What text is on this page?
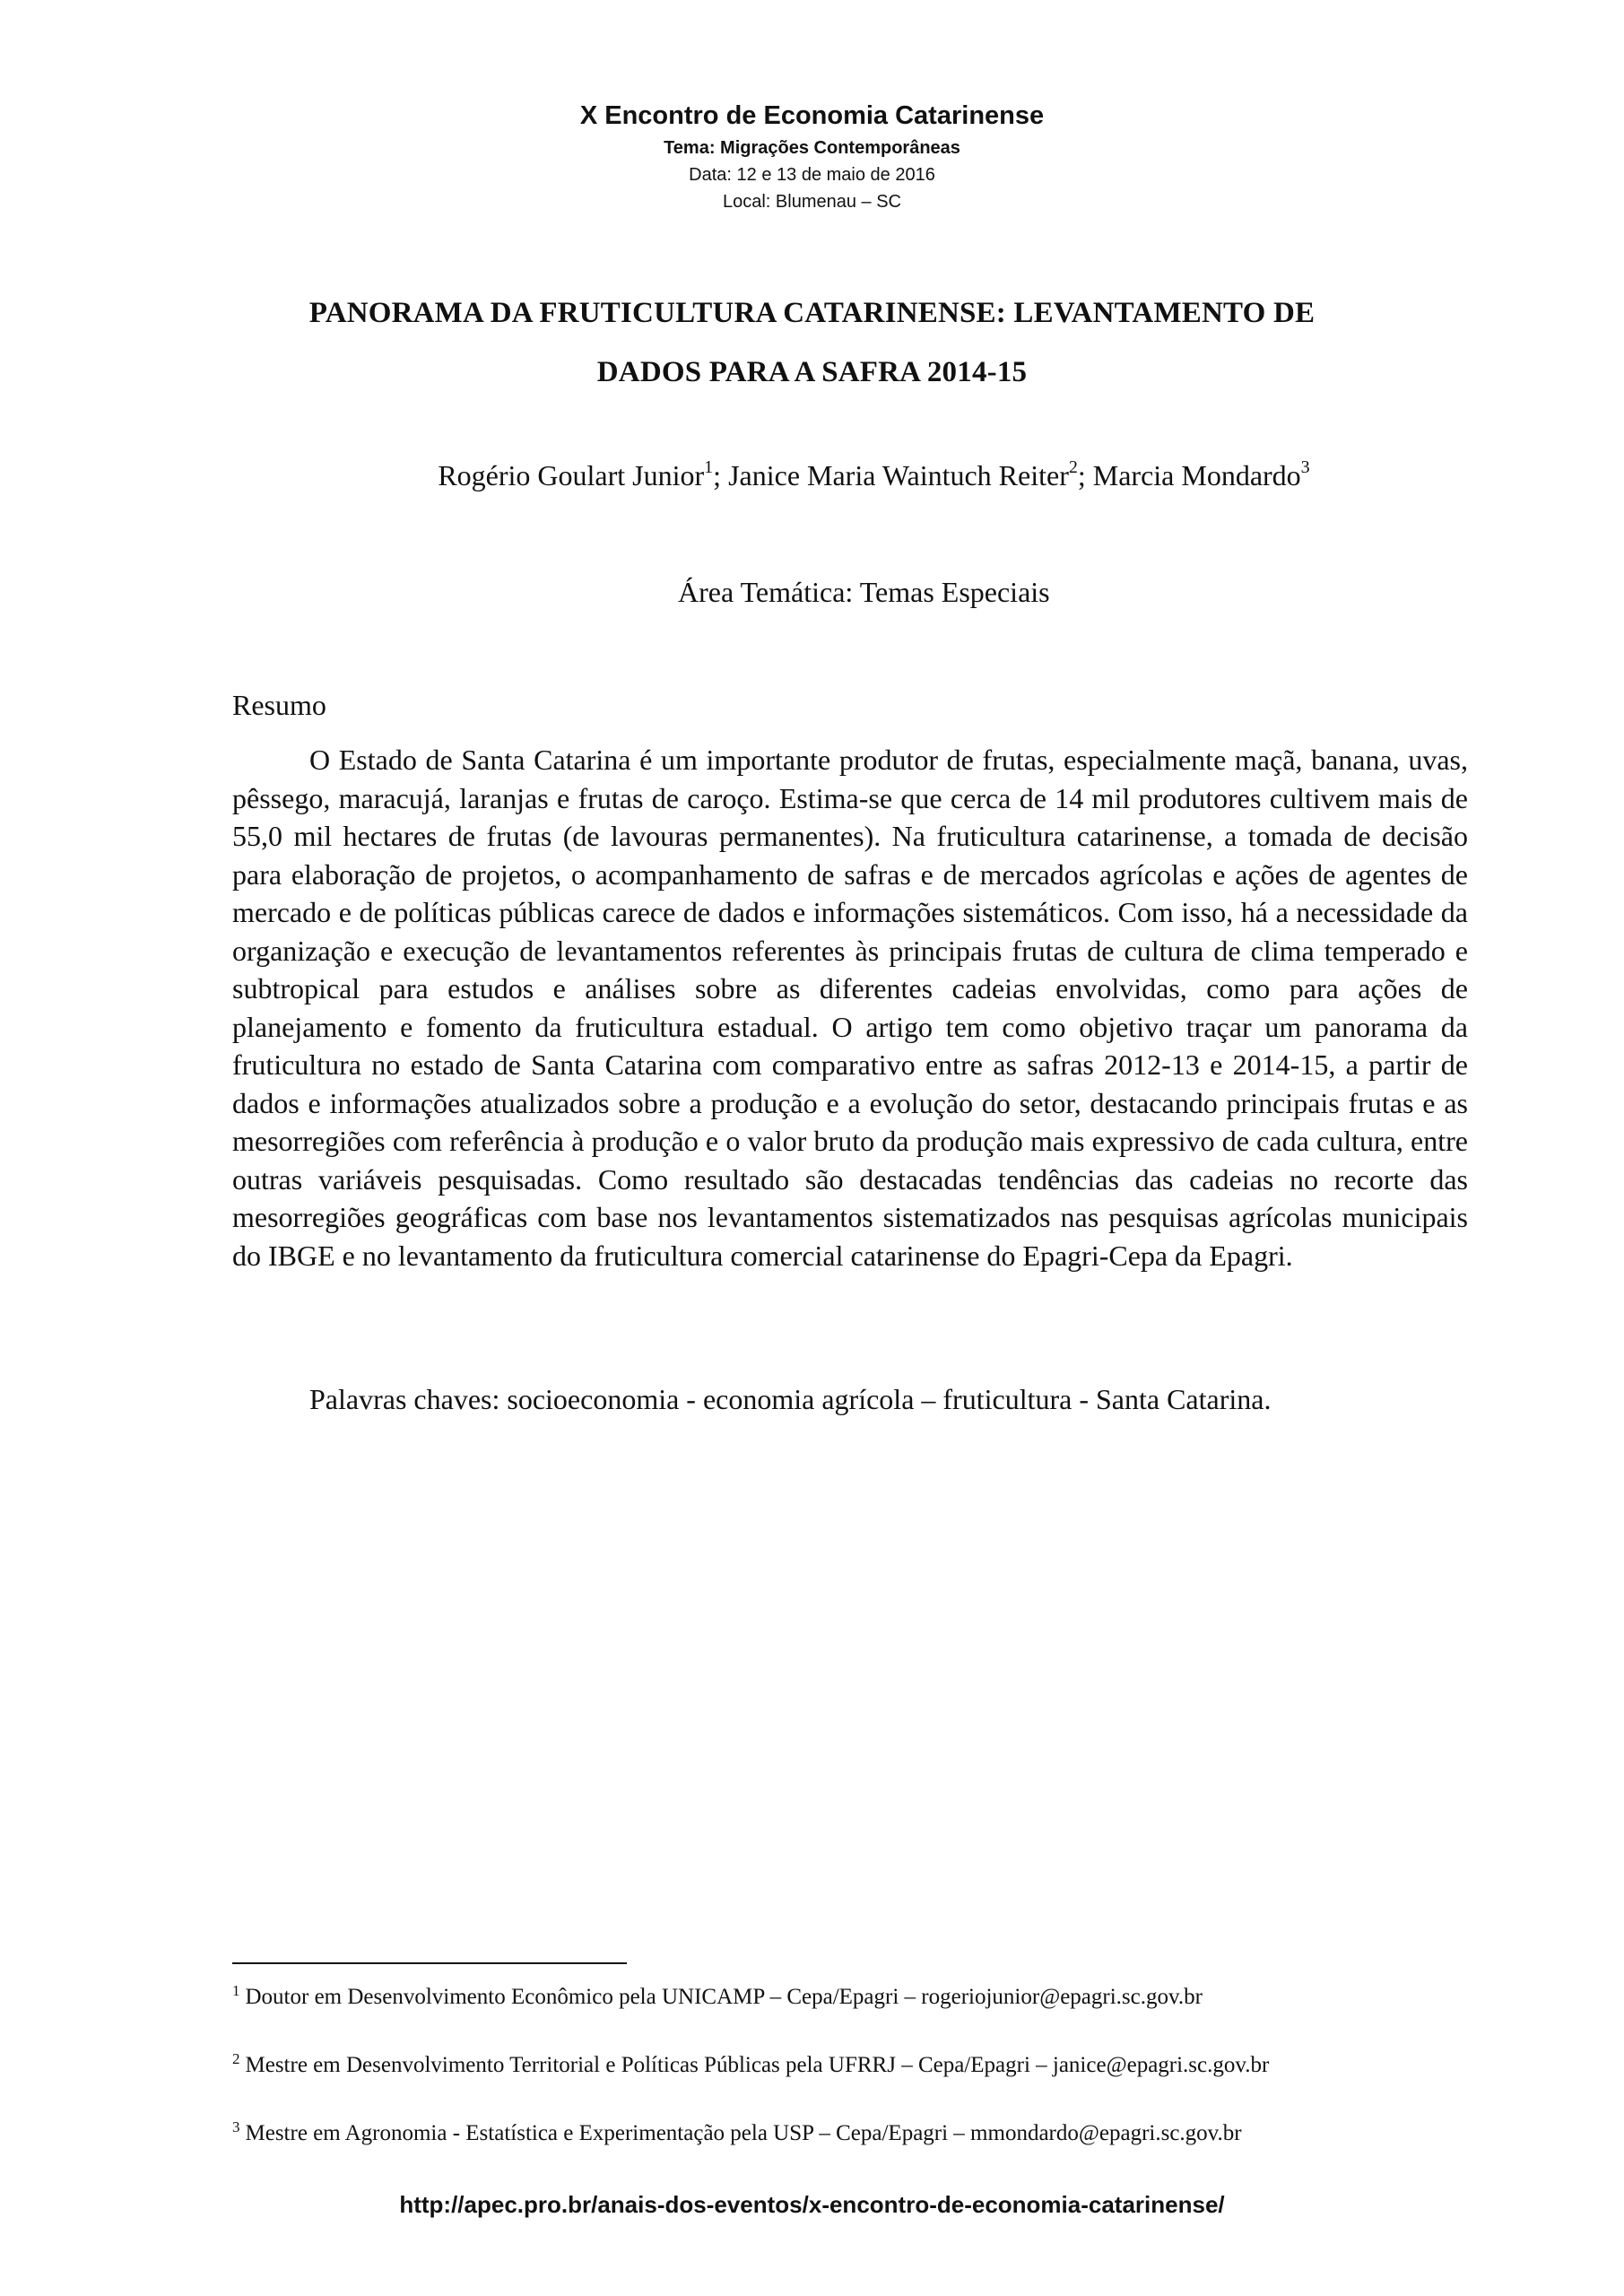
X Encontro de Economia Catarinense
Tema: Migrações Contemporâneas
Data: 12 e 13 de maio de 2016
Local: Blumenau – SC
PANORAMA DA FRUTICULTURA CATARINENSE: LEVANTAMENTO DE
DADOS PARA A SAFRA 2014-15
Rogério Goulart Junior$^1$; Janice Maria Waintuch Reiter$^2$; Marcia Mondardo$^3$
Área Temática: Temas Especiais
Resumo

O Estado de Santa Catarina é um importante produtor de frutas, especialmente maçã, banana, uvas, pêssego, maracujá, laranjas e frutas de caroço. Estima-se que cerca de 14 mil produtores cultivem mais de 55,0 mil hectares de frutas (de lavouras permanentes). Na fruticultura catarinense, a tomada de decisão para elaboração de projetos, o acompanhamento de safras e de mercados agrícolas e ações de agentes de mercado e de políticas públicas carece de dados e informações sistemáticos. Com isso, há a necessidade da organização e execução de levantamentos referentes às principais frutas de cultura de clima temperado e subtropical para estudos e análises sobre as diferentes cadeias envolvidas, como para ações de planejamento e fomento da fruticultura estadual. O artigo tem como objetivo traçar um panorama da fruticultura no estado de Santa Catarina com comparativo entre as safras 2012-13 e 2014-15, a partir de dados e informações atualizados sobre a produção e a evolução do setor, destacando principais frutas e as mesorregiões com referência à produção e o valor bruto da produção mais expressivo de cada cultura, entre outras variáveis pesquisadas. Como resultado são destacadas tendências das cadeias no recorte das mesorregiões geográficas com base nos levantamentos sistematizados nas pesquisas agrícolas municipais do IBGE e no levantamento da fruticultura comercial catarinense do Epagri-Cepa da Epagri.

Palavras chaves: socioeconomia - economia agrícola – fruticultura - Santa Catarina.
$^1$ Doutor em Desenvolvimento Econômico pela UNICAMP – Cepa/Epagri – rogeriojunior@epagri.sc.gov.br
$^2$ Mestre em Desenvolvimento Territorial e Políticas Públicas pela UFRRJ – Cepa/Epagri – janice@epagri.sc.gov.br
$^3$ Mestre em Agronomia - Estatística e Experimentação pela USP – Cepa/Epagri – mmondardo@epagri.sc.gov.br
http://apec.pro.br/anais-dos-eventos/x-encontro-de-economia-catarinense/
